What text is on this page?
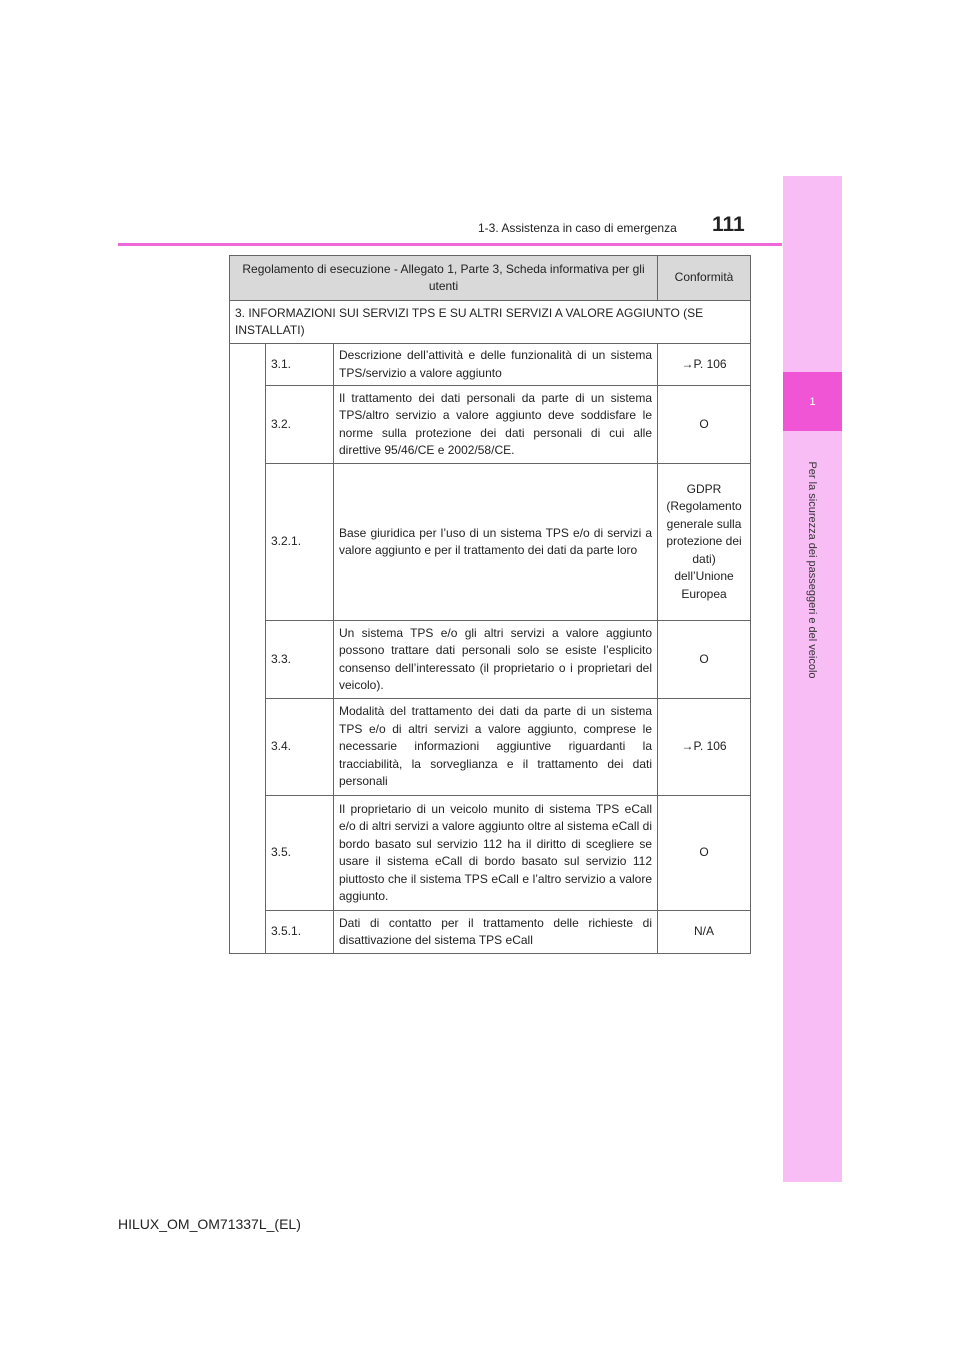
1
Per la sicurezza dei passeggeri e del veicolo
1-3. Assistenza in caso di emergenza 111
Regolamento di esecuzione - Allegato 1, Parte 3, Scheda informativa per gli utenti			Conformità
3. INFORMAZIONI SUI SERVIZI TPS E SU ALTRI SERVIZI A VALORE AGGIUNTO (SE INSTALLATI)			
	3.1.	Descrizione dell’attività e delle funzionalità di un sistema TPS/servizio a valore aggiunto	→P. 106
	3.2.	Il trattamento dei dati personali da parte di un sistema TPS/altro servizio a valore aggiunto deve soddisfare le norme sulla protezione dei dati personali di cui alle direttive 95/46/CE e 2002/58/CE.	O
	3.2.1.	Base giuridica per l’uso di un sistema TPS e/o di servizi a valore aggiunto e per il trattamento dei dati da parte loro	GDPR (Regolamento generale sulla protezione dei dati) dell’Unione Europea
	3.3.	Un sistema TPS e/o gli altri servizi a valore aggiunto possono trattare dati personali solo se esiste l’esplicito consenso dell’interessato (il proprietario o i proprietari del veicolo).	O
	3.4.	Modalità del trattamento dei dati da parte di un sistema TPS e/o di altri servizi a valore aggiunto, comprese le necessarie informazioni aggiuntive riguardanti la tracciabilità, la sorveglianza e il trattamento dei dati personali	→P. 106
	3.5.	Il proprietario di un veicolo munito di sistema TPS eCall e/o di altri servizi a valore aggiunto oltre al sistema eCall di bordo basato sul servizio 112 ha il diritto di scegliere se usare il sistema eCall di bordo basato sul servizio 112 piuttosto che il sistema TPS eCall e l’altro servizio a valore aggiunto.	O
	3.5.1.	Dati di contatto per il trattamento delle richieste di disattivazione del sistema TPS eCall	N/A
HILUX_OM_OM71337L_(EL)
